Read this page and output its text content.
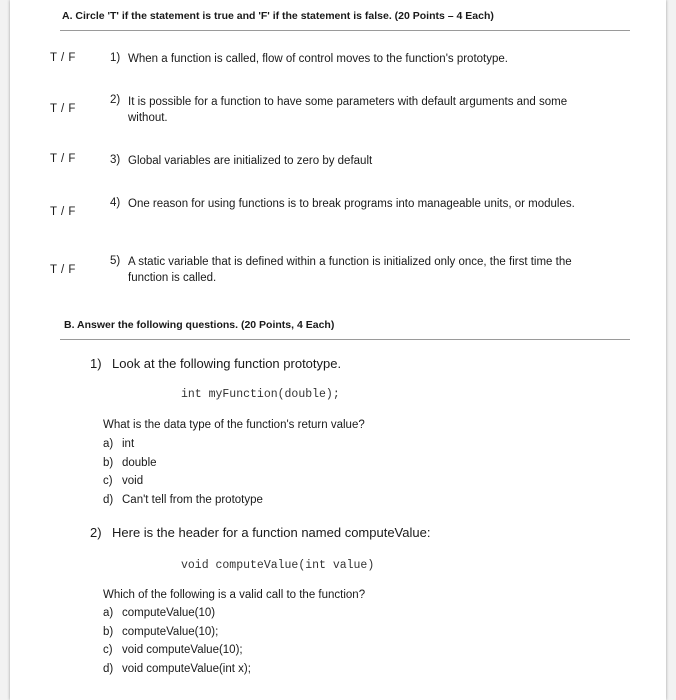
A. Circle 'T' if the statement is true and 'F' if the statement is false. (20 Points – 4 Each)
T / F	1) When a function is called, flow of control moves to the function's prototype.
T / F
2) It is possible for a function to have some parameters with default arguments and some without.
T / F	3) Global variables are initialized to zero by default
T / F
4) One reason for using functions is to break programs into manageable units, or modules.
T / F
5) A static variable that is defined within a function is initialized only once, the first time the function is called.
B. Answer the following questions. (20 Points, 4 Each)
1) Look at the following function prototype.
int myFunction(double);
What is the data type of the function's return value?
a) int
b) double
c) void
d) Can't tell from the prototype
2) Here is the header for a function named computeValue:
void computeValue(int value)
Which of the following is a valid call to the function?
a) computeValue(10)
b) computeValue(10);
c) void computeValue(10);
d) void computeValue(int x);
